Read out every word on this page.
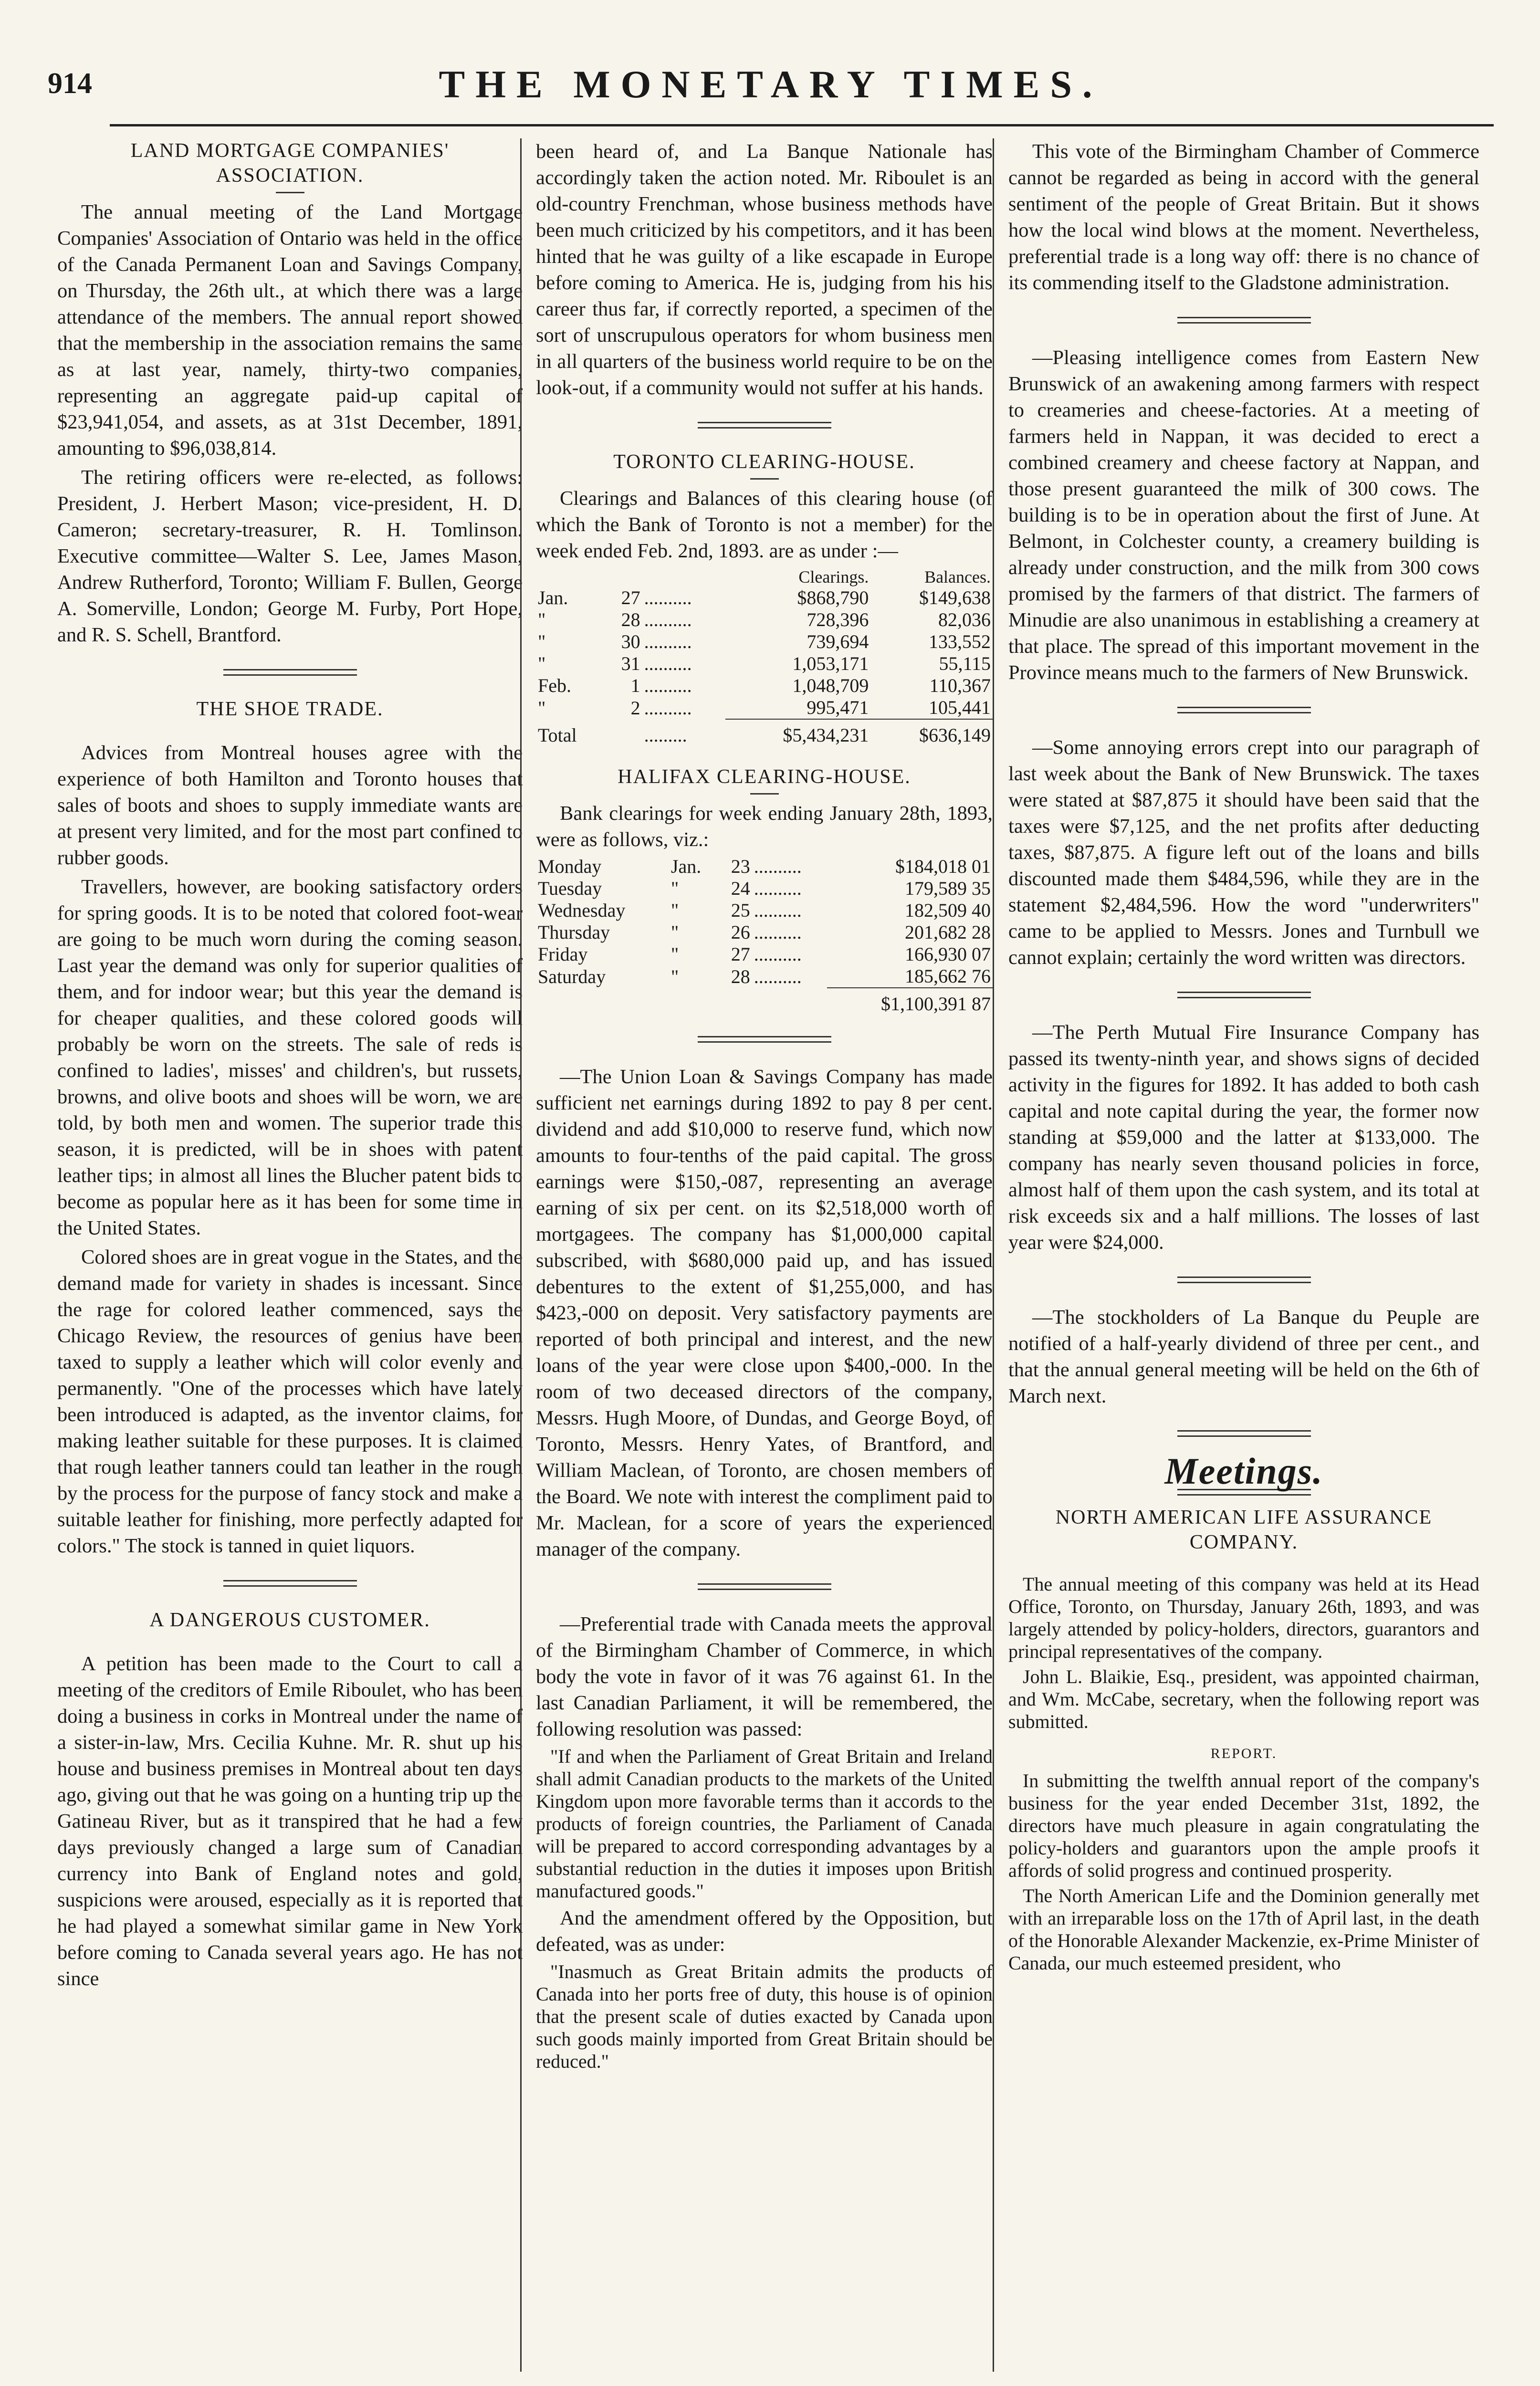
914	THE MONETARY TIMES.
LAND MORTGAGE COMPANIES' ASSOCIATION.

The annual meeting of the Land Mortgage Companies' Association of Ontario was held in the office of the Canada Permanent Loan and Savings Company, on Thursday, the 26th ult., at which there was a large attendance of the members. The annual report showed that the membership in the association remains the same as at last year, namely, thirty-two companies, representing an aggregate paid-up capital of $23,941,054, and assets, as at 31st December, 1891, amounting to $96,038,814.

The retiring officers were re-elected, as follows: President, J. Herbert Mason; vice-president, H. D. Cameron; secretary-treasurer, R. H. Tomlinson. Executive committee—Walter S. Lee, James Mason, Andrew Rutherford, Toronto; William F. Bullen, George A. Somerville, London; George M. Furby, Port Hope, and R. S. Schell, Brantford.

THE SHOE TRADE.

Advices from Montreal houses agree with the experience of both Hamilton and Toronto houses that sales of boots and shoes to supply immediate wants are at present very limited, and for the most part confined to rubber goods.

Travellers, however, are booking satisfactory orders for spring goods. It is to be noted that colored foot-wear are going to be much worn during the coming season. Last year the demand was only for superior qualities of them, and for indoor wear; but this year the demand is for cheaper qualities, and these colored goods will probably be worn on the streets. The sale of reds is confined to ladies', misses' and children's, but russets, browns, and olive boots and shoes will be worn, we are told, by both men and women. The superior trade this season, it is predicted, will be in shoes with patent leather tips; in almost all lines the Blucher patent bids to become as popular here as it has been for some time in the United States.

Colored shoes are in great vogue in the States, and the demand made for variety in shades is incessant. Since the rage for colored leather commenced, says the Chicago Review, the resources of genius have been taxed to supply a leather which will color evenly and permanently. "One of the processes which have lately been introduced is adapted, as the inventor claims, for making leather suitable for these purposes. It is claimed that rough leather tanners could tan leather in the rough by the process for the purpose of fancy stock and make a suitable leather for finishing, more perfectly adapted for colors." The stock is tanned in quiet liquors.

A DANGEROUS CUSTOMER.

A petition has been made to the Court to call a meeting of the creditors of Emile Riboulet, who has been doing a business in corks in Montreal under the name of a sister-in-law, Mrs. Cecilia Kuhne. Mr. R. shut up his house and business premises in Montreal about ten days ago, giving out that he was going on a hunting trip up the Gatineau River, but as it transpired that he had a few days previously changed a large sum of Canadian currency into Bank of England notes and gold, suspicions were aroused, especially as it is reported that he had played a somewhat similar game in New York before coming to Canada several years ago. He has not since

been heard of, and La Banque Nationale has accordingly taken the action noted. Mr. Riboulet is an old-country Frenchman, whose business methods have been much criticized by his competitors, and it has been hinted that he was guilty of a like escapade in Europe before coming to America. He is, judging from his his career thus far, if correctly reported, a specimen of the sort of unscrupulous operators for whom business men in all quarters of the business world require to be on the look-out, if a community would not suffer at his hands.

TORONTO CLEARING-HOUSE.

Clearings and Balances of this clearing house (of which the Bank of Toronto is not a member) for the week ended Feb. 2nd, 1893. are as under :—

			Clearings.	Balances.
Jan.	27	..........	$868,790	$149,638
"	28	..........	728,396	82,036
"	30	..........	739,694	133,552
"	31	..........	1,053,171	55,115
Feb.	1	..........	1,048,709	110,367
"	2	..........	995,471	105,441
Total		.........	$5,434,231	$636,149
HALIFAX CLEARING-HOUSE.

Bank clearings for week ending January 28th, 1893, were as follows, viz.:

Monday	Jan.	23	..........	$184,018 01
Tuesday	"	24	..........	179,589 35
Wednesday	"	25	..........	182,509 40
Thursday	"	26	..........	201,682 28
Friday	"	27	..........	166,930 07
Saturday	"	28	..........	185,662 76
				$1,100,391 87

—The Union Loan & Savings Company has made sufficient net earnings during 1892 to pay 8 per cent. dividend and add $10,000 to reserve fund, which now amounts to four-tenths of the paid capital. The gross earnings were $150,-087, representing an average earning of six per cent. on its $2,518,000 worth of mortgagees. The company has $1,000,000 capital subscribed, with $680,000 paid up, and has issued debentures to the extent of $1,255,000, and has $423,-000 on deposit. Very satisfactory payments are reported of both principal and interest, and the new loans of the year were close upon $400,-000. In the room of two deceased directors of the company, Messrs. Hugh Moore, of Dundas, and George Boyd, of Toronto, Messrs. Henry Yates, of Brantford, and William Maclean, of Toronto, are chosen members of the Board. We note with interest the compliment paid to Mr. Maclean, for a score of years the experienced manager of the company.

—Preferential trade with Canada meets the approval of the Birmingham Chamber of Commerce, in which body the vote in favor of it was 76 against 61. In the last Canadian Parliament, it will be remembered, the following resolution was passed:

"If and when the Parliament of Great Britain and Ireland shall admit Canadian products to the markets of the United Kingdom upon more favorable terms than it accords to the products of foreign countries, the Parliament of Canada will be prepared to accord corresponding advantages by a substantial reduction in the duties it imposes upon British manufactured goods."

And the amendment offered by the Opposition, but defeated, was as under:

"Inasmuch as Great Britain admits the products of Canada into her ports free of duty, this house is of opinion that the present scale of duties exacted by Canada upon such goods mainly imported from Great Britain should be reduced."

This vote of the Birmingham Chamber of Commerce cannot be regarded as being in accord with the general sentiment of the people of Great Britain. But it shows how the local wind blows at the moment. Nevertheless, preferential trade is a long way off: there is no chance of its commending itself to the Gladstone administration.

—Pleasing intelligence comes from Eastern New Brunswick of an awakening among farmers with respect to creameries and cheese-factories. At a meeting of farmers held in Nappan, it was decided to erect a combined creamery and cheese factory at Nappan, and those present guaranteed the milk of 300 cows. The building is to be in operation about the first of June. At Belmont, in Colchester county, a creamery building is already under construction, and the milk from 300 cows promised by the farmers of that district. The farmers of Minudie are also unanimous in establishing a creamery at that place. The spread of this important movement in the Province means much to the farmers of New Brunswick.

—Some annoying errors crept into our paragraph of last week about the Bank of New Brunswick. The taxes were stated at $87,875 it should have been said that the taxes were $7,125, and the net profits after deducting taxes, $87,875. A figure left out of the loans and bills discounted made them $484,596, while they are in the statement $2,484,596. How the word "underwriters" came to be applied to Messrs. Jones and Turnbull we cannot explain; certainly the word written was directors.

—The Perth Mutual Fire Insurance Company has passed its twenty-ninth year, and shows signs of decided activity in the figures for 1892. It has added to both cash capital and note capital during the year, the former now standing at $59,000 and the latter at $133,000. The company has nearly seven thousand policies in force, almost half of them upon the cash system, and its total at risk exceeds six and a half millions. The losses of last year were $24,000.

—The stockholders of La Banque du Peuple are notified of a half-yearly dividend of three per cent., and that the annual general meeting will be held on the 6th of March next.

Meetings.
NORTH AMERICAN LIFE ASSURANCE COMPANY.

The annual meeting of this company was held at its Head Office, Toronto, on Thursday, January 26th, 1893, and was largely attended by policy-holders, directors, guarantors and principal representatives of the company.

John L. Blaikie, Esq., president, was appointed chairman, and Wm. McCabe, secretary, when the following report was submitted.

REPORT.

In submitting the twelfth annual report of the company's business for the year ended December 31st, 1892, the directors have much pleasure in again congratulating the policy-holders and guarantors upon the ample proofs it affords of solid progress and continued prosperity.

The North American Life and the Dominion generally met with an irreparable loss on the 17th of April last, in the death of the Honorable Alexander Mackenzie, ex-Prime Minister of Canada, our much esteemed president, who
